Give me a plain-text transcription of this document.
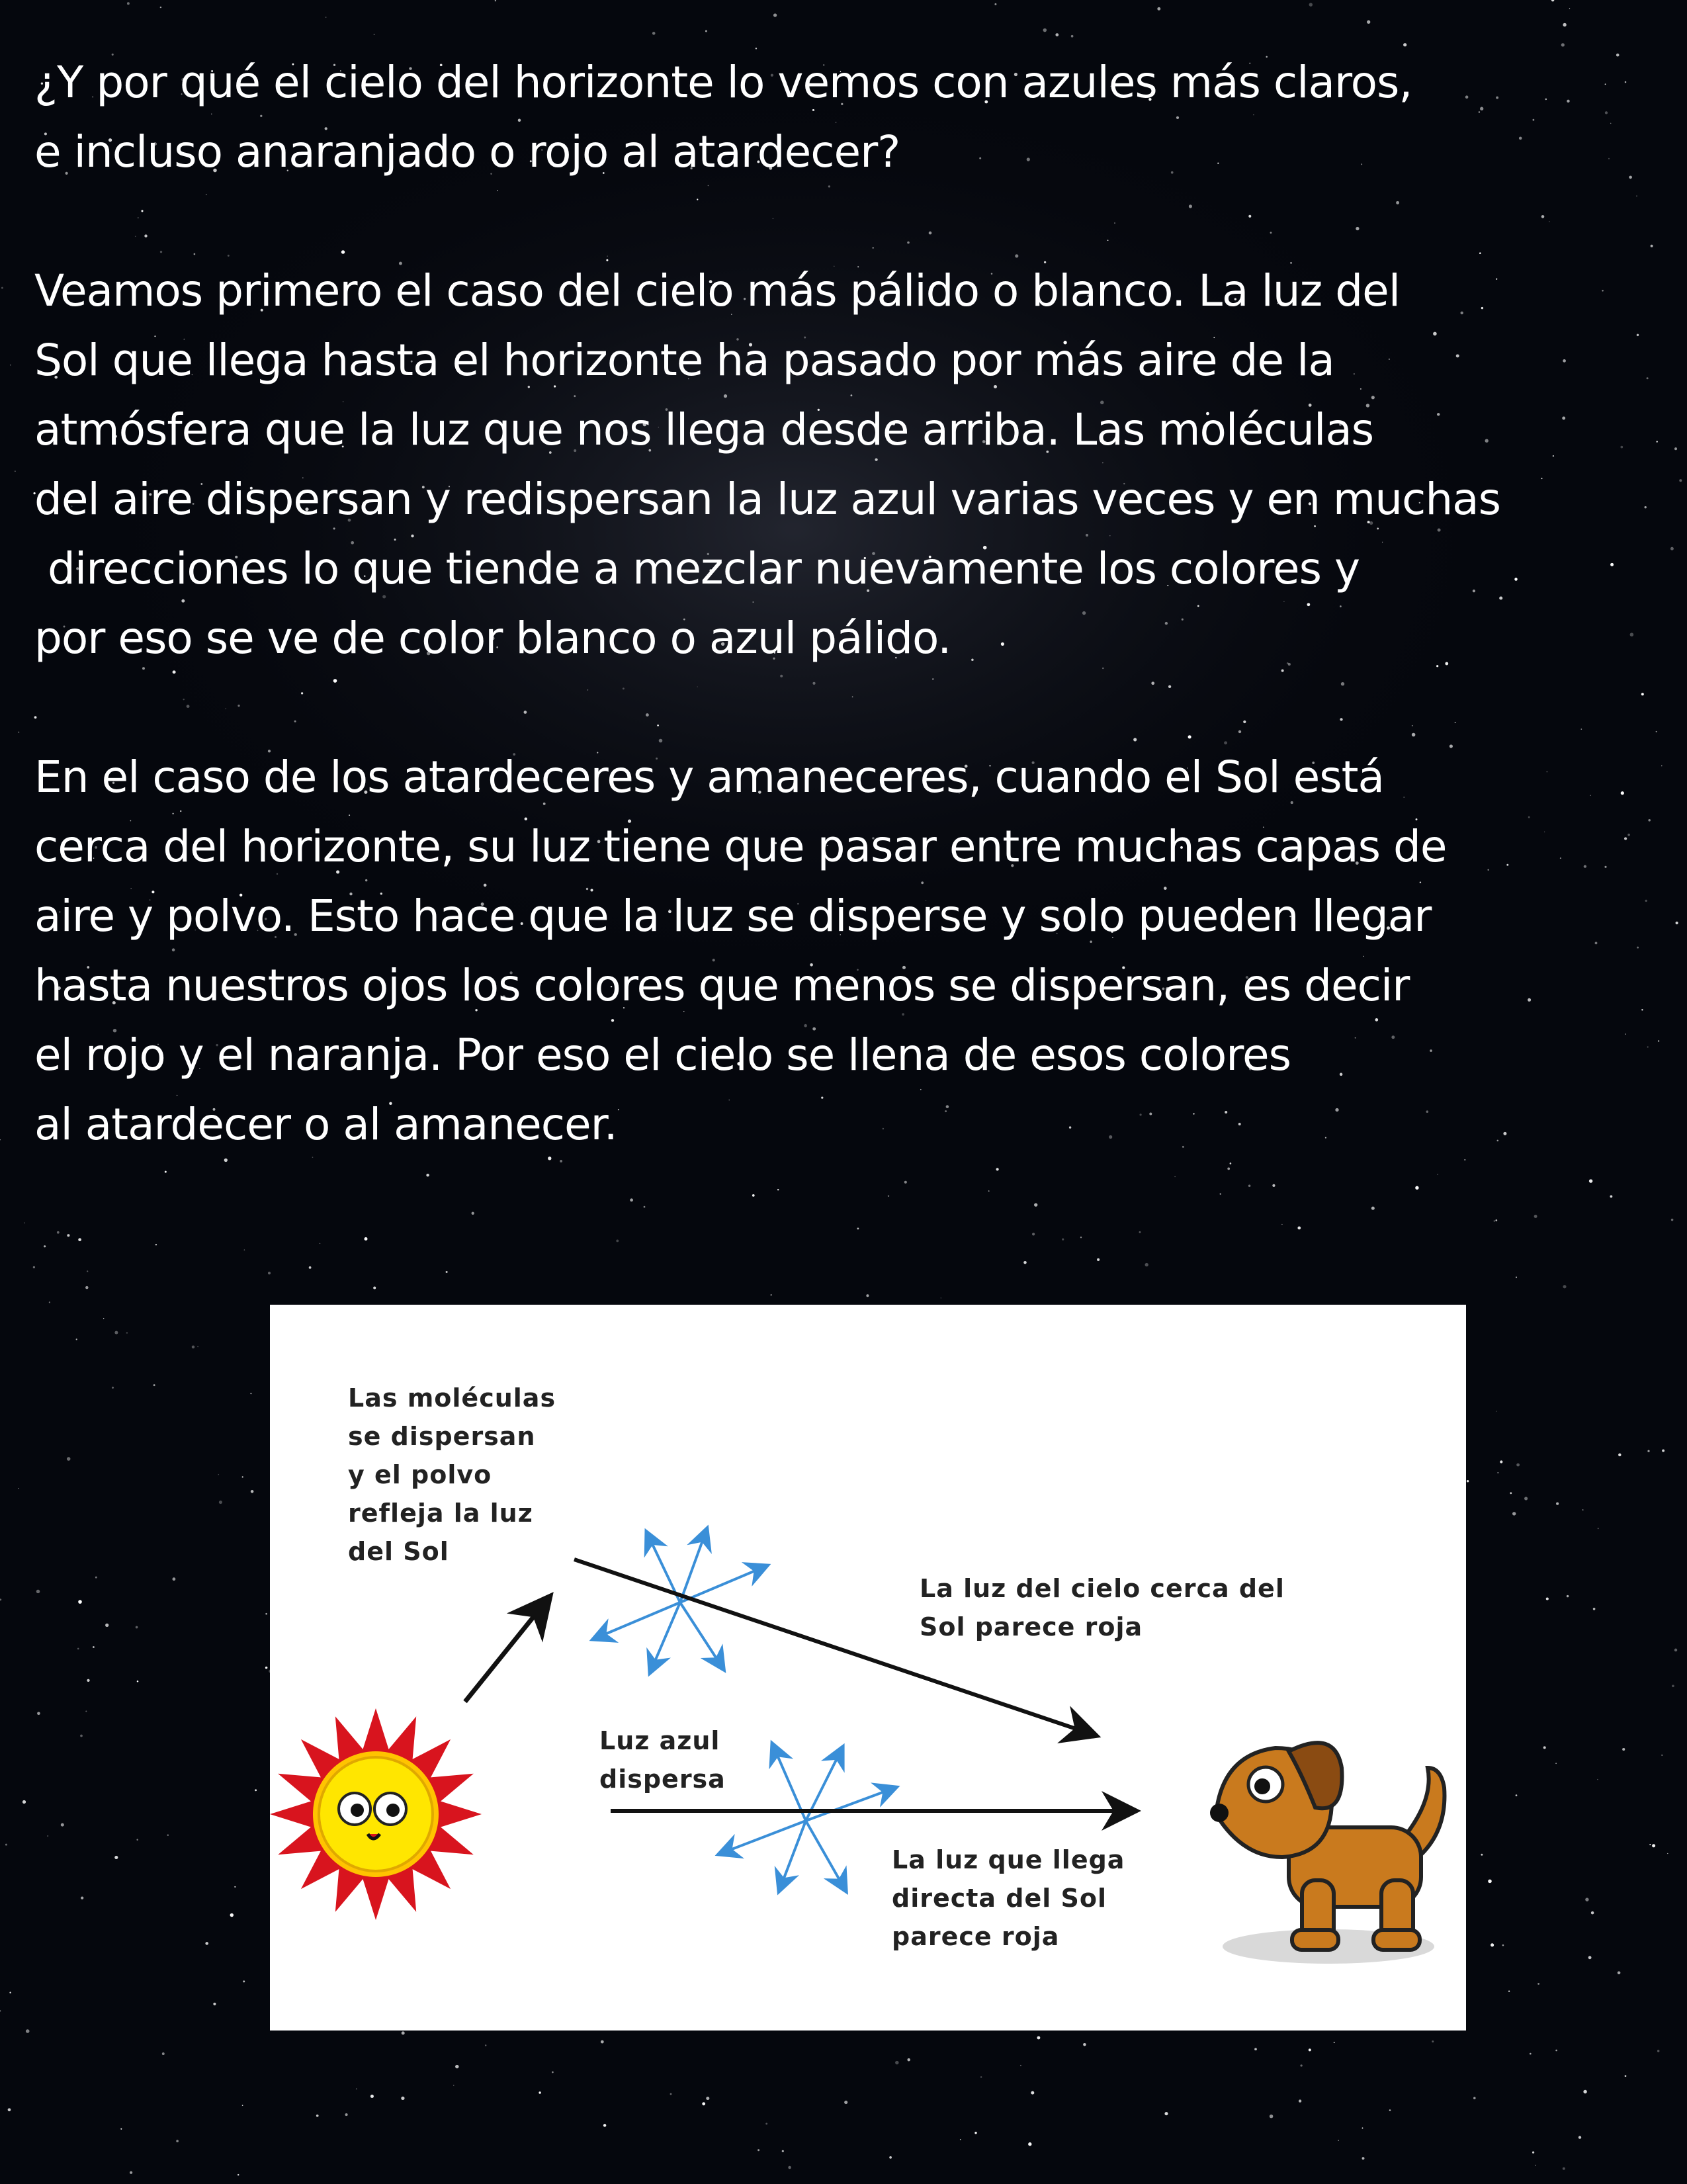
¿Y por qué el cielo del horizonte lo vemos con azules más claros,
e incluso anaranjado o rojo al atardecer?
Veamos primero el caso del cielo más pálido o blanco. La luz del
Sol que llega hasta el horizonte ha pasado por más aire de la
atmósfera que la luz que nos llega desde arriba. Las moléculas
del aire dispersan y redispersan la luz azul varias veces y en muchas
direcciones lo que tiende a mezclar nuevamente los colores y
por eso se ve de color blanco o azul pálido.
En el caso de los atardeceres y amaneceres, cuando el Sol está
cerca del horizonte, su luz tiene que pasar entre muchas capas de
aire y polvo. Esto hace que la luz se disperse y solo pueden llegar
hasta nuestros ojos los colores que menos se dispersan, es decir
el rojo y el naranja. Por eso el cielo se llena de esos colores
al atardecer o al amanecer.
Las moléculas
se dispersan
y el polvo
refleja la luz
del Sol
La luz del cielo cerca del
Sol parece roja
Luz azul
dispersa
La luz que llega
directa del Sol
parece roja
